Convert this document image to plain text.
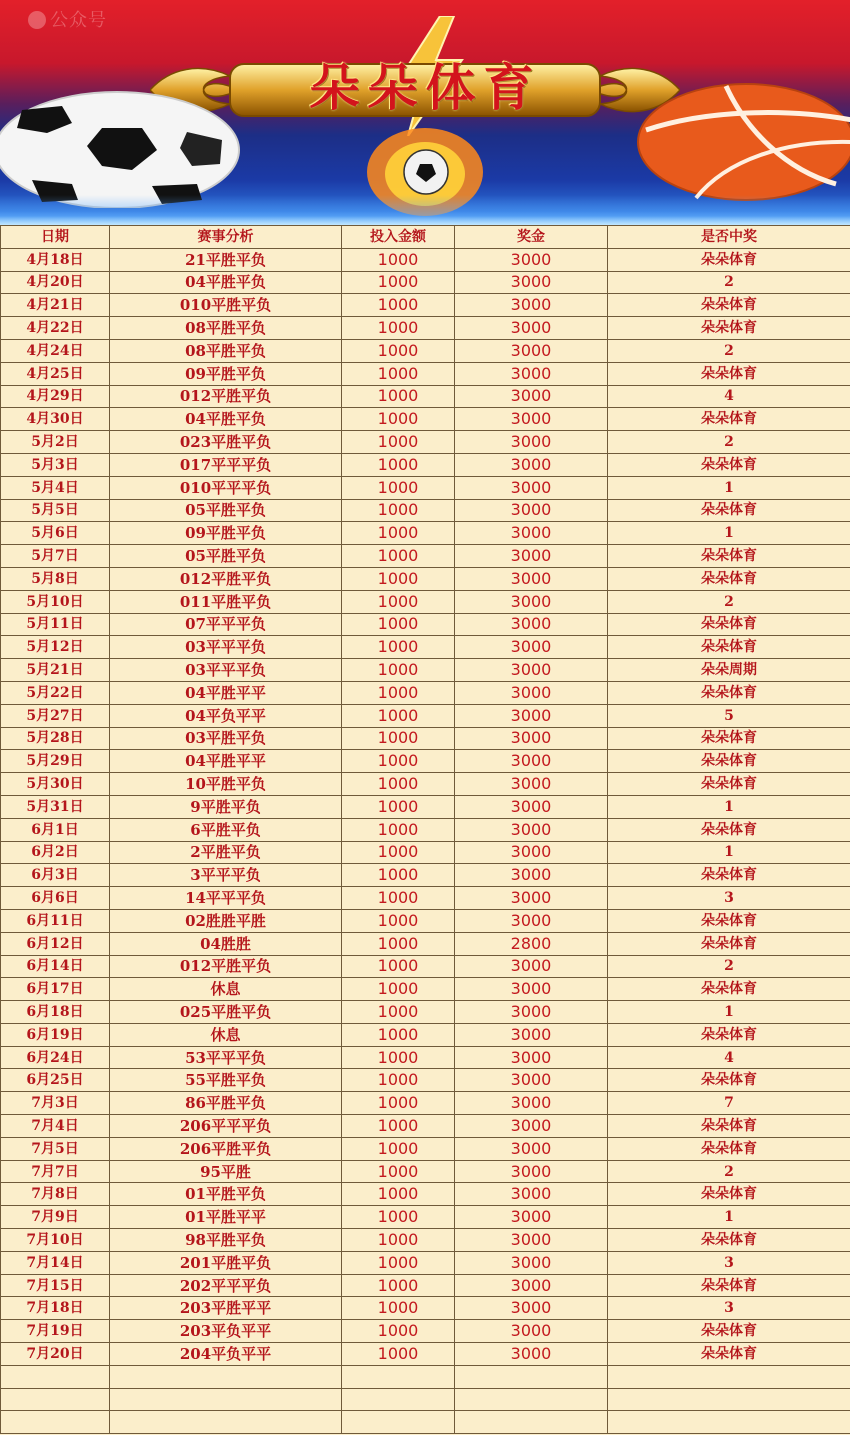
公众号
朵朵体育
日期	赛事分析	投入金额	奖金	是否中奖
4月18日	21平胜平负	1000	3000	朵朵体育
4月20日	04平胜平负	1000	3000	2
4月21日	010平胜平负	1000	3000	朵朵体育
4月22日	08平胜平负	1000	3000	朵朵体育
4月24日	08平胜平负	1000	3000	2
4月25日	09平胜平负	1000	3000	朵朵体育
4月29日	012平胜平负	1000	3000	4
4月30日	04平胜平负	1000	3000	朵朵体育
5月2日	023平胜平负	1000	3000	2
5月3日	017平平平负	1000	3000	朵朵体育
5月4日	010平平平负	1000	3000	1
5月5日	05平胜平负	1000	3000	朵朵体育
5月6日	09平胜平负	1000	3000	1
5月7日	05平胜平负	1000	3000	朵朵体育
5月8日	012平胜平负	1000	3000	朵朵体育
5月10日	011平胜平负	1000	3000	2
5月11日	07平平平负	1000	3000	朵朵体育
5月12日	03平平平负	1000	3000	朵朵体育
5月21日	03平平平负	1000	3000	朵朵周期
5月22日	04平胜平平	1000	3000	朵朵体育
5月27日	04平负平平	1000	3000	5
5月28日	03平胜平负	1000	3000	朵朵体育
5月29日	04平胜平平	1000	3000	朵朵体育
5月30日	10平胜平负	1000	3000	朵朵体育
5月31日	9平胜平负	1000	3000	1
6月1日	6平胜平负	1000	3000	朵朵体育
6月2日	2平胜平负	1000	3000	1
6月3日	3平平平负	1000	3000	朵朵体育
6月6日	14平平平负	1000	3000	3
6月11日	02胜胜平胜	1000	3000	朵朵体育
6月12日	04胜胜	1000	2800	朵朵体育
6月14日	012平胜平负	1000	3000	2
6月17日	休息	1000	3000	朵朵体育
6月18日	025平胜平负	1000	3000	1
6月19日	休息	1000	3000	朵朵体育
6月24日	53平平平负	1000	3000	4
6月25日	55平胜平负	1000	3000	朵朵体育
7月3日	86平胜平负	1000	3000	7
7月4日	206平平平负	1000	3000	朵朵体育
7月5日	206平胜平负	1000	3000	朵朵体育
7月7日	95平胜	1000	3000	2
7月8日	01平胜平负	1000	3000	朵朵体育
7月9日	01平胜平平	1000	3000	1
7月10日	98平胜平负	1000	3000	朵朵体育
7月14日	201平胜平负	1000	3000	3
7月15日	202平平平负	1000	3000	朵朵体育
7月18日	203平胜平平	1000	3000	3
7月19日	203平负平平	1000	3000	朵朵体育
7月20日	204平负平平	1000	3000	朵朵体育
